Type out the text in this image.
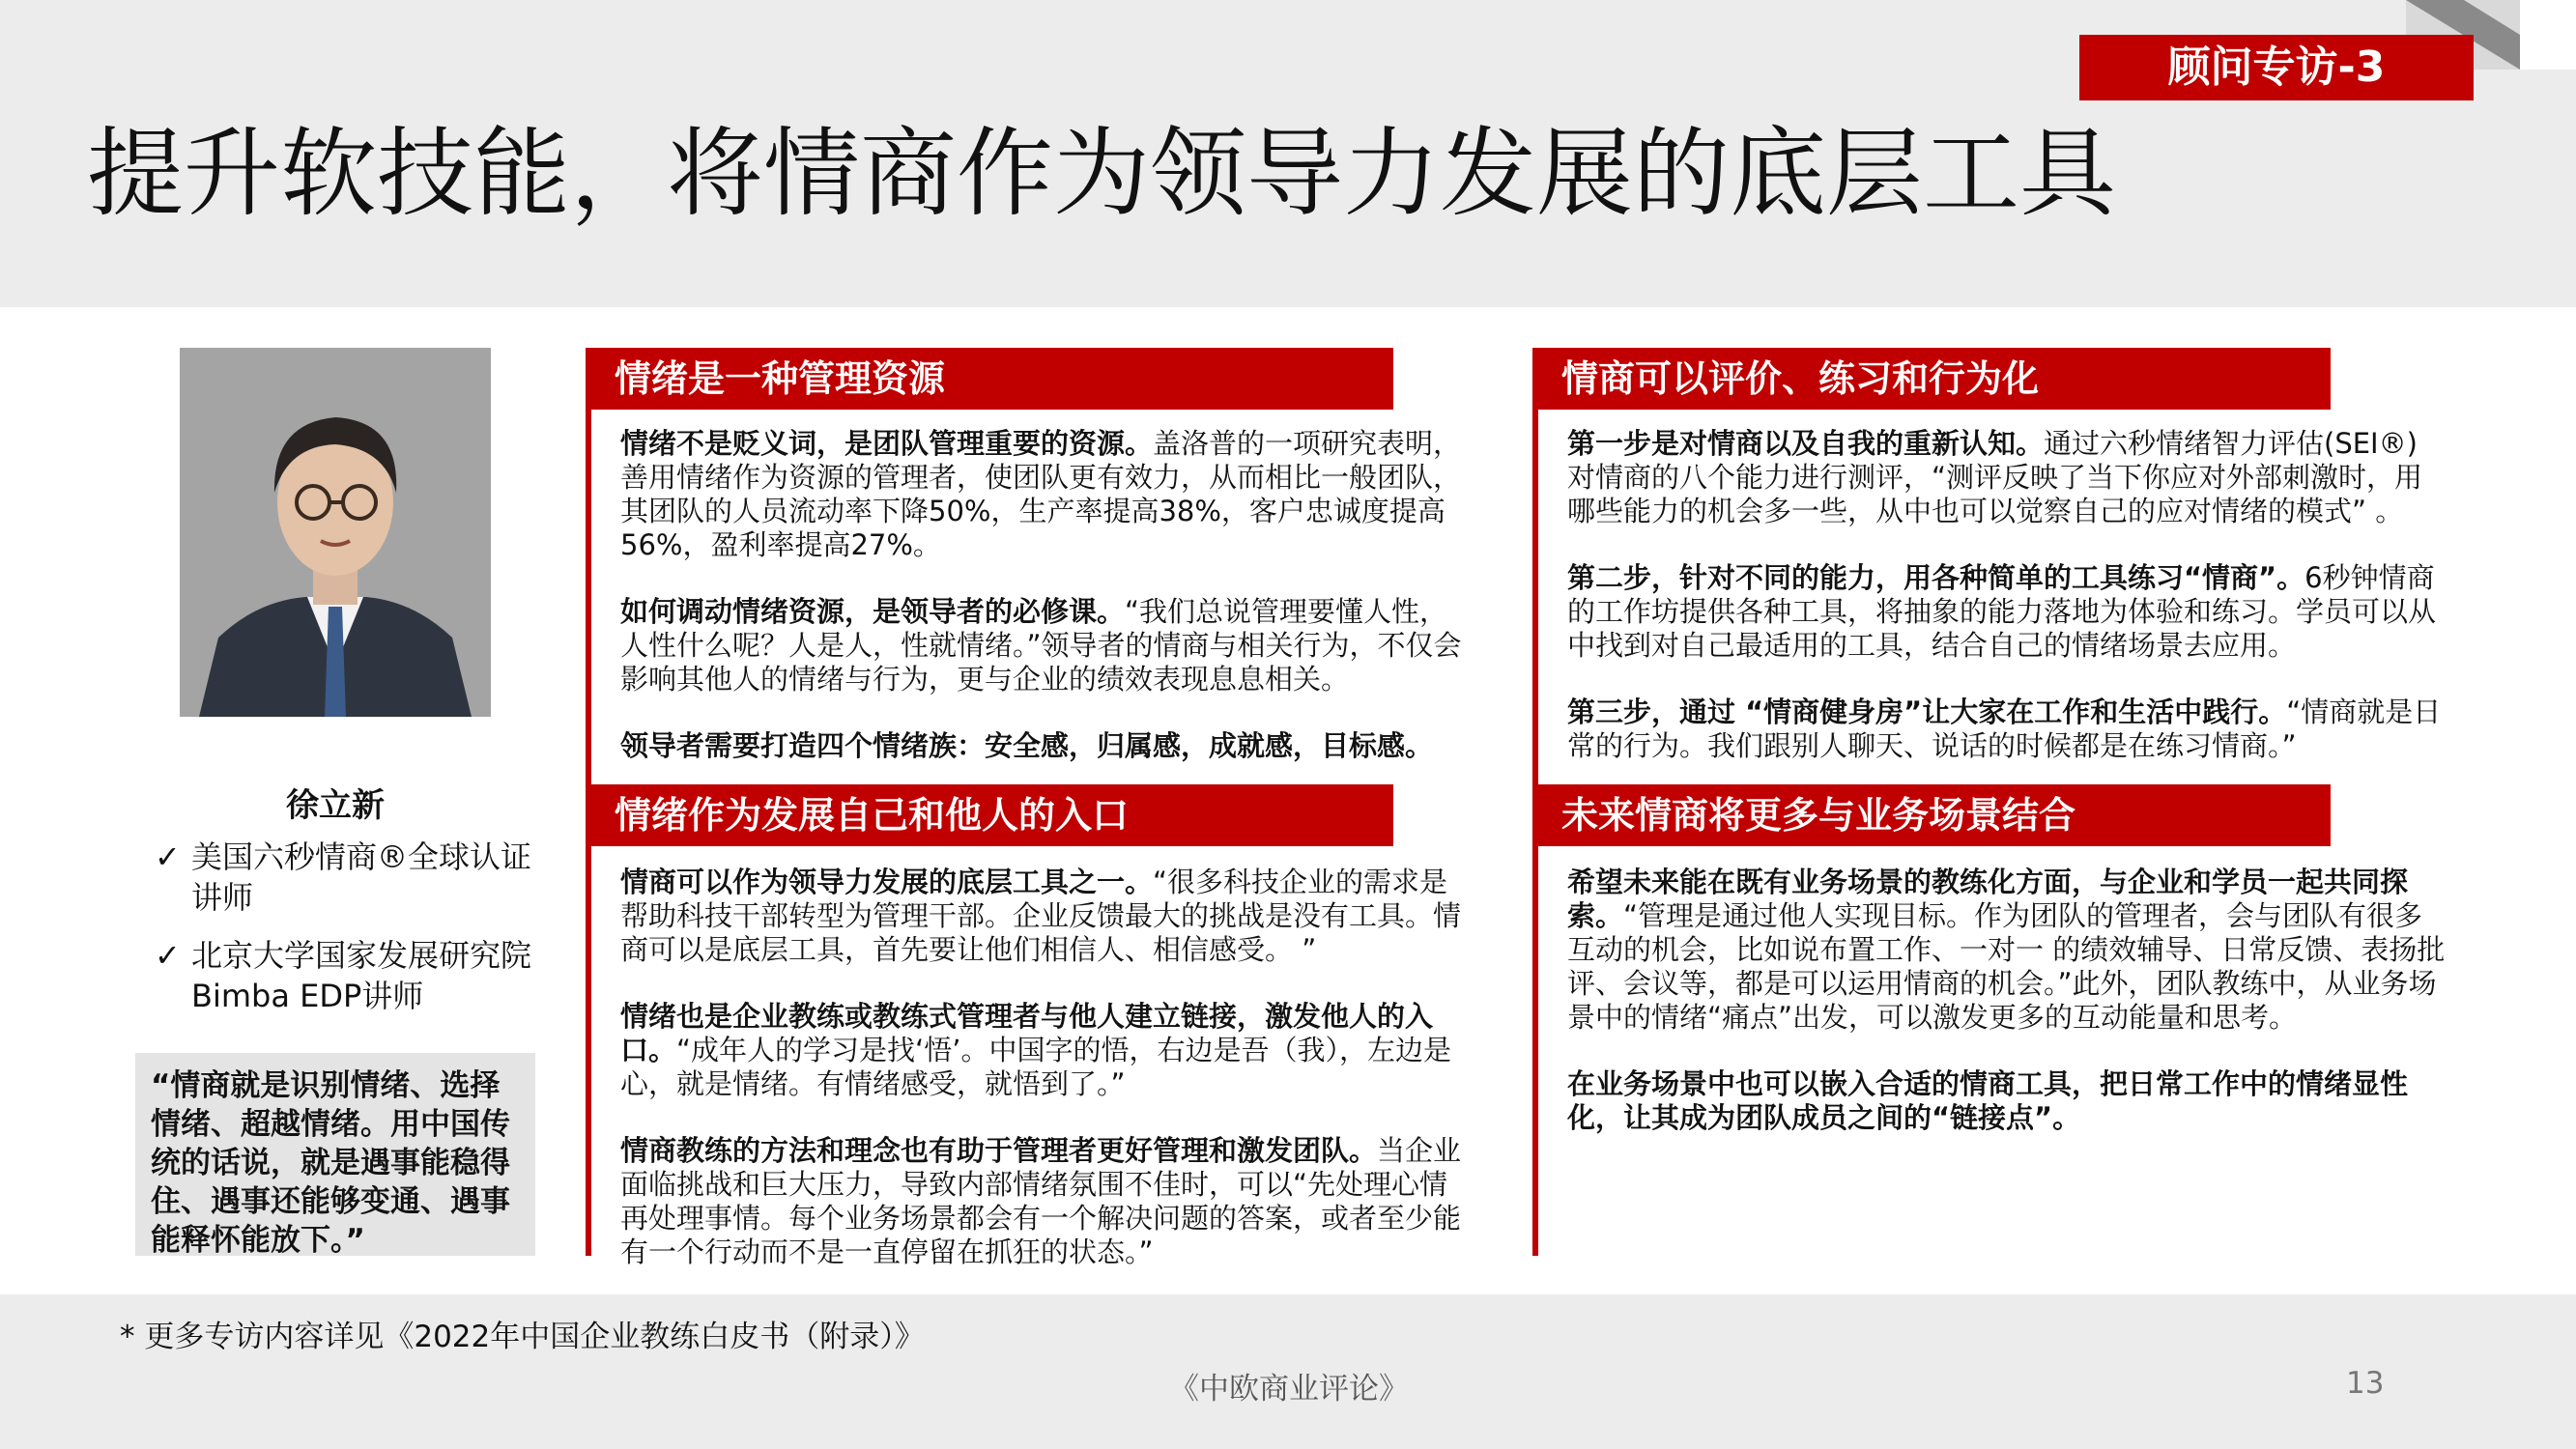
顾问专访-3
提升软技能，将情商作为领导力发展的底层工具
徐立新
✓ 美国六秒情商®全球认证讲师
✓ 北京大学国家发展研究院Bimba EDP讲师
“情商就是识别情绪、选择情绪、超越情绪。用中国传统的话说，就是遇事能稳得住、遇事还能够变通、遇事能释怀能放下。”
情绪是一种管理资源

情绪不是贬义词，是团队管理重要的资源。盖洛普的一项研究表明，善用情绪作为资源的管理者，使团队更有效力，从而相比一般团队，其团队的人员流动率下降50%，生产率提高38%，客户忠诚度提高56%，盈利率提高27%。

如何调动情绪资源，是领导者的必修课。“我们总说管理要懂人性，人性什么呢？人是人，性就情绪。”领导者的情商与相关行为，不仅会影响其他人的情绪与行为，更与企业的绩效表现息息相关。

领导者需要打造四个情绪族：安全感，归属感，成就感，目标感。

情绪作为发展自己和他人的入口

情商可以作为领导力发展的底层工具之一。“很多科技企业的需求是帮助科技干部转型为管理干部。企业反馈最大的挑战是没有工具。情商可以是底层工具，首先要让他们相信人、相信感受。 ”

情绪也是企业教练或教练式管理者与他人建立链接，激发他人的入口。“成年人的学习是找‘悟’。中国字的悟，右边是吾（我），左边是心，就是情绪。有情绪感受，就悟到了。”

情商教练的方法和理念也有助于管理者更好管理和激发团队。当企业面临挑战和巨大压力，导致内部情绪氛围不佳时，可以“先处理心情再处理事情。每个业务场景都会有一个解决问题的答案，或者至少能有一个行动而不是一直停留在抓狂的状态。”

情商可以评价、练习和行为化

第一步是对情商以及自我的重新认知。通过六秒情绪智力评估(SEI®) 对情商的八个能力进行测评，“测评反映了当下你应对外部刺激时，用哪些能力的机会多一些，从中也可以觉察自己的应对情绪的模式” 。

第二步，针对不同的能力，用各种简单的工具练习“情商”。6秒钟情商的工作坊提供各种工具，将抽象的能力落地为体验和练习。学员可以从中找到对自己最适用的工具，结合自己的情绪场景去应用。

第三步，通过 “情商健身房”让大家在工作和生活中践行。“情商就是日常的行为。我们跟别人聊天、说话的时候都是在练习情商。”

未来情商将更多与业务场景结合

希望未来能在既有业务场景的教练化方面，与企业和学员一起共同探索。“管理是通过他人实现目标。作为团队的管理者，会与团队有很多互动的机会，比如说布置工作、一对一 的绩效辅导、日常反馈、表扬批评、会议等，都是可以运用情商的机会。”此外，团队教练中，从业务场景中的情绪“痛点”出发，可以激发更多的互动能量和思考。

在业务场景中也可以嵌入合适的情商工具，把日常工作中的情绪显性化，让其成为团队成员之间的“链接点”。

* 更多专访内容详见《2022年中国企业教练白皮书（附录）》
《中欧商业评论》	13
